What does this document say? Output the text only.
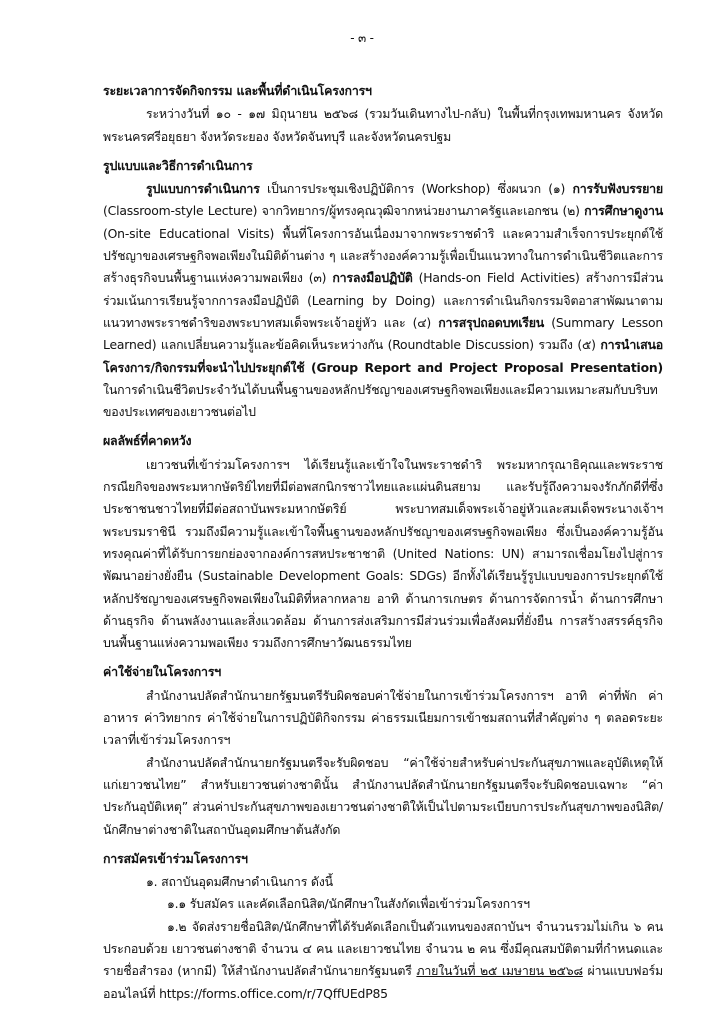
- ๓ -
ระยะเวลาการจัดกิจกรรม และพื้นที่ดำเนินโครงการฯ

ระหว่างวันที่ ๑๐ - ๑๗ มิถุนายน ๒๕๖๘ (รวมวันเดินทางไป-กลับ) ในพื้นที่กรุงเทพมหานคร จังหวัดพระนครศรีอยุธยา จังหวัดระยอง จังหวัดจันทบุรี และจังหวัดนครปฐม

รูปแบบและวิธีการดำเนินการ

รูปแบบการดำเนินการ เป็นการประชุมเชิงปฏิบัติการ (Workshop) ซึ่งผนวก (๑) การรับฟังบรรยาย (Classroom-style Lecture) จากวิทยากร/ผู้ทรงคุณวุฒิจากหน่วยงานภาครัฐและเอกชน (๒) การศึกษาดูงาน (On-site Educational Visits) พื้นที่โครงการอันเนื่องมาจากพระราชดำริ และความสำเร็จการประยุกต์ใช้ปรัชญาของเศรษฐกิจพอเพียงในมิติด้านต่าง ๆ และสร้างองค์ความรู้เพื่อเป็นแนวทางในการดำเนินชีวิตและการสร้างธุรกิจบนพื้นฐานแห่งความพอเพียง (๓) การลงมือปฏิบัติ (Hands-on Field Activities) สร้างการมีส่วนร่วมเน้นการเรียนรู้จากการลงมือปฏิบัติ (Learning by Doing) และการดำเนินกิจกรรมจิตอาสาพัฒนาตามแนวทางพระราชดำริของพระบาทสมเด็จพระเจ้าอยู่หัว และ (๔) การสรุปถอดบทเรียน (Summary Lesson Learned) แลกเปลี่ยนความรู้และข้อคิดเห็นระหว่างกัน (Roundtable Discussion) รวมถึง (๕) การนำเสนอโครงการ/กิจกรรมที่จะนำไปประยุกต์ใช้ (Group Report and Project Proposal Presentation) ในการดำเนินชีวิตประจำวันได้บนพื้นฐานของหลักปรัชญาของเศรษฐกิจพอเพียงและมีความเหมาะสมกับบริบทของประเทศของเยาวชนต่อไป

ผลลัพธ์ที่คาดหวัง

เยาวชนที่เข้าร่วมโครงการฯ ได้เรียนรู้และเข้าใจในพระราชดำริ พระมหากรุณาธิคุณและพระราชกรณียกิจของพระมหากษัตริย์ไทยที่มีต่อพสกนิกรชาวไทยและแผ่นดินสยาม และรับรู้ถึงความจงรักภักดีที่ซึ่งประชาชนชาวไทยที่มีต่อสถาบันพระมหากษัตริย์ พระบาทสมเด็จพระเจ้าอยู่หัวและสมเด็จพระนางเจ้าฯ พระบรมราชินี รวมถึงมีความรู้และเข้าใจพื้นฐานของหลักปรัชญาของเศรษฐกิจพอเพียง ซึ่งเป็นองค์ความรู้อันทรงคุณค่าที่ได้รับการยกย่องจากองค์การสหประชาชาติ (United Nations: UN) สามารถเชื่อมโยงไปสู่การพัฒนาอย่างยั่งยืน (Sustainable Development Goals: SDGs) อีกทั้งได้เรียนรู้รูปแบบของการประยุกต์ใช้หลักปรัชญาของเศรษฐกิจพอเพียงในมิติที่หลากหลาย อาทิ ด้านการเกษตร ด้านการจัดการน้ำ ด้านการศึกษา ด้านธุรกิจ ด้านพลังงานและสิ่งแวดล้อม ด้านการส่งเสริมการมีส่วนร่วมเพื่อสังคมที่ยั่งยืน การสร้างสรรค์ธุรกิจบนพื้นฐานแห่งความพอเพียง รวมถึงการศึกษาวัฒนธรรมไทย

ค่าใช้จ่ายในโครงการฯ

สำนักงานปลัดสำนักนายกรัฐมนตรีรับผิดชอบค่าใช้จ่ายในการเข้าร่วมโครงการฯ อาทิ ค่าที่พัก ค่าอาหาร ค่าวิทยากร ค่าใช้จ่ายในการปฏิบัติกิจกรรม ค่าธรรมเนียมการเข้าชมสถานที่สำคัญต่าง ๆ ตลอดระยะเวลาที่เข้าร่วมโครงการฯ

สำนักงานปลัดสำนักนายกรัฐมนตรีจะรับผิดชอบ “ค่าใช้จ่ายสำหรับค่าประกันสุขภาพและอุบัติเหตุให้แก่เยาวชนไทย” สำหรับเยาวชนต่างชาตินั้น สำนักงานปลัดสำนักนายกรัฐมนตรีจะรับผิดชอบเฉพาะ “ค่าประกันอุบัติเหตุ” ส่วนค่าประกันสุขภาพของเยาวชนต่างชาติให้เป็นไปตามระเบียบการประกันสุขภาพของนิสิต/นักศึกษาต่างชาติในสถาบันอุดมศึกษาต้นสังกัด

การสมัครเข้าร่วมโครงการฯ

๑. สถาบันอุดมศึกษาดำเนินการ ดังนี้

๑.๑ รับสมัคร และคัดเลือกนิสิต/นักศึกษาในสังกัดเพื่อเข้าร่วมโครงการฯ

๑.๒ จัดส่งรายชื่อนิสิต/นักศึกษาที่ได้รับคัดเลือกเป็นตัวแทนของสถาบันฯ จำนวนรวมไม่เกิน ๖ คน ประกอบด้วย เยาวชนต่างชาติ จำนวน ๔ คน และเยาวชนไทย จำนวน ๒ คน ซึ่งมีคุณสมบัติตามที่กำหนดและรายชื่อสำรอง (หากมี) ให้สำนักงานปลัดสำนักนายกรัฐมนตรี ภายในวันที่ ๒๕ เมษายน ๒๕๖๘ ผ่านแบบฟอร์มออนไลน์ที่ https://forms.office.com/r/7QffUEdP85
